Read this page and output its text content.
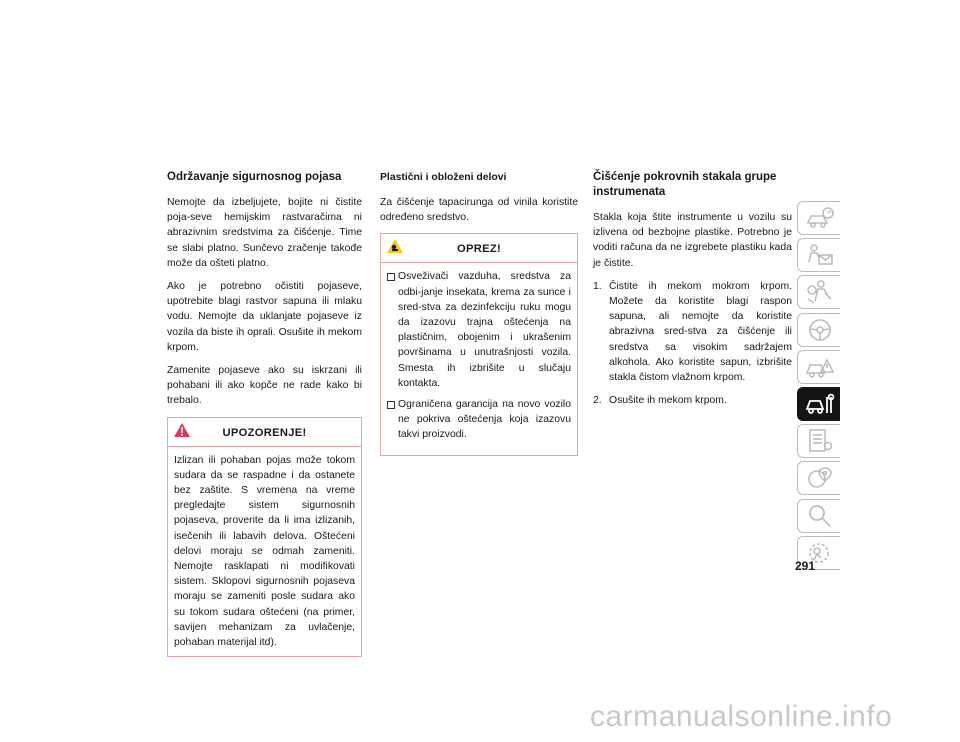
Održavanje sigurnosnog pojasa

Nemojte da izbeljujete, bojite ni čistite poja-seve hemijskim rastvaračima ni abrazivnim sredstvima za čišćenje. Time se slabi platno. Sunčevo zračenje takođe može da ošteti platno.

Ako je potrebno očistiti pojaseve, upotrebite blagi rastvor sapuna ili mlaku vodu. Nemojte da uklanjate pojaseve iz vozila da biste ih oprali. Osušite ih mekom krpom.

Zamenite pojaseve ako su iskrzani ili pohabani ili ako kopče ne rade kako bi trebalo.

UPOZORENJE!
Izlizan ili pohaban pojas može tokom sudara da se raspadne i da ostanete bez zaštite. S vremena na vreme pregledajte sistem sigurnosnih pojaseva, proverite da li ima izlizanih, isečenih ili labavih delova. Oštećeni delovi moraju se odmah zameniti. Nemojte rasklapati ni modifikovati sistem. Sklopovi sigurnosnih pojaseva moraju se zameniti posle sudara ako su tokom sudara oštećeni (na primer, savijen mehanizam za uvlačenje, pohaban materijal itd).
Plastični i obloženi delovi

Za čišćenje tapacirunga od vinila koristite određeno sredstvo.

OPREZ!
Osveživači vazduha, sredstva za odbi-janje insekata, krema za sunce i sred-stva za dezinfekciju ruku mogu da izazovu trajna oštećenja na plastičnim, obojenim i ukrašenim površinama u unutrašnjosti vozila. Smesta ih izbrišite u slučaju kontakta.
Ograničena garancija na novo vozilo ne pokriva oštećenja koja izazovu takvi proizvodi.
Čišćenje pokrovnih stakala grupe instrumenata

Stakla koja štite instrumente u vozilu su izlivena od bezbojne plastike. Potrebno je voditi računa da ne izgrebete plastiku kada je čistite.

1. Čistite ih mekom mokrom krpom. Možete da koristite blagi raspon sapuna, ali nemojte da koristite abrazivna sred-stva za čišćenje ili sredstva sa visokim sadržajem alkohola. Ako koristite sapun, izbrišite stakla čistom vlažnom krpom.
2. Osušite ih mekom krpom.
291
carmanualsonline.info
